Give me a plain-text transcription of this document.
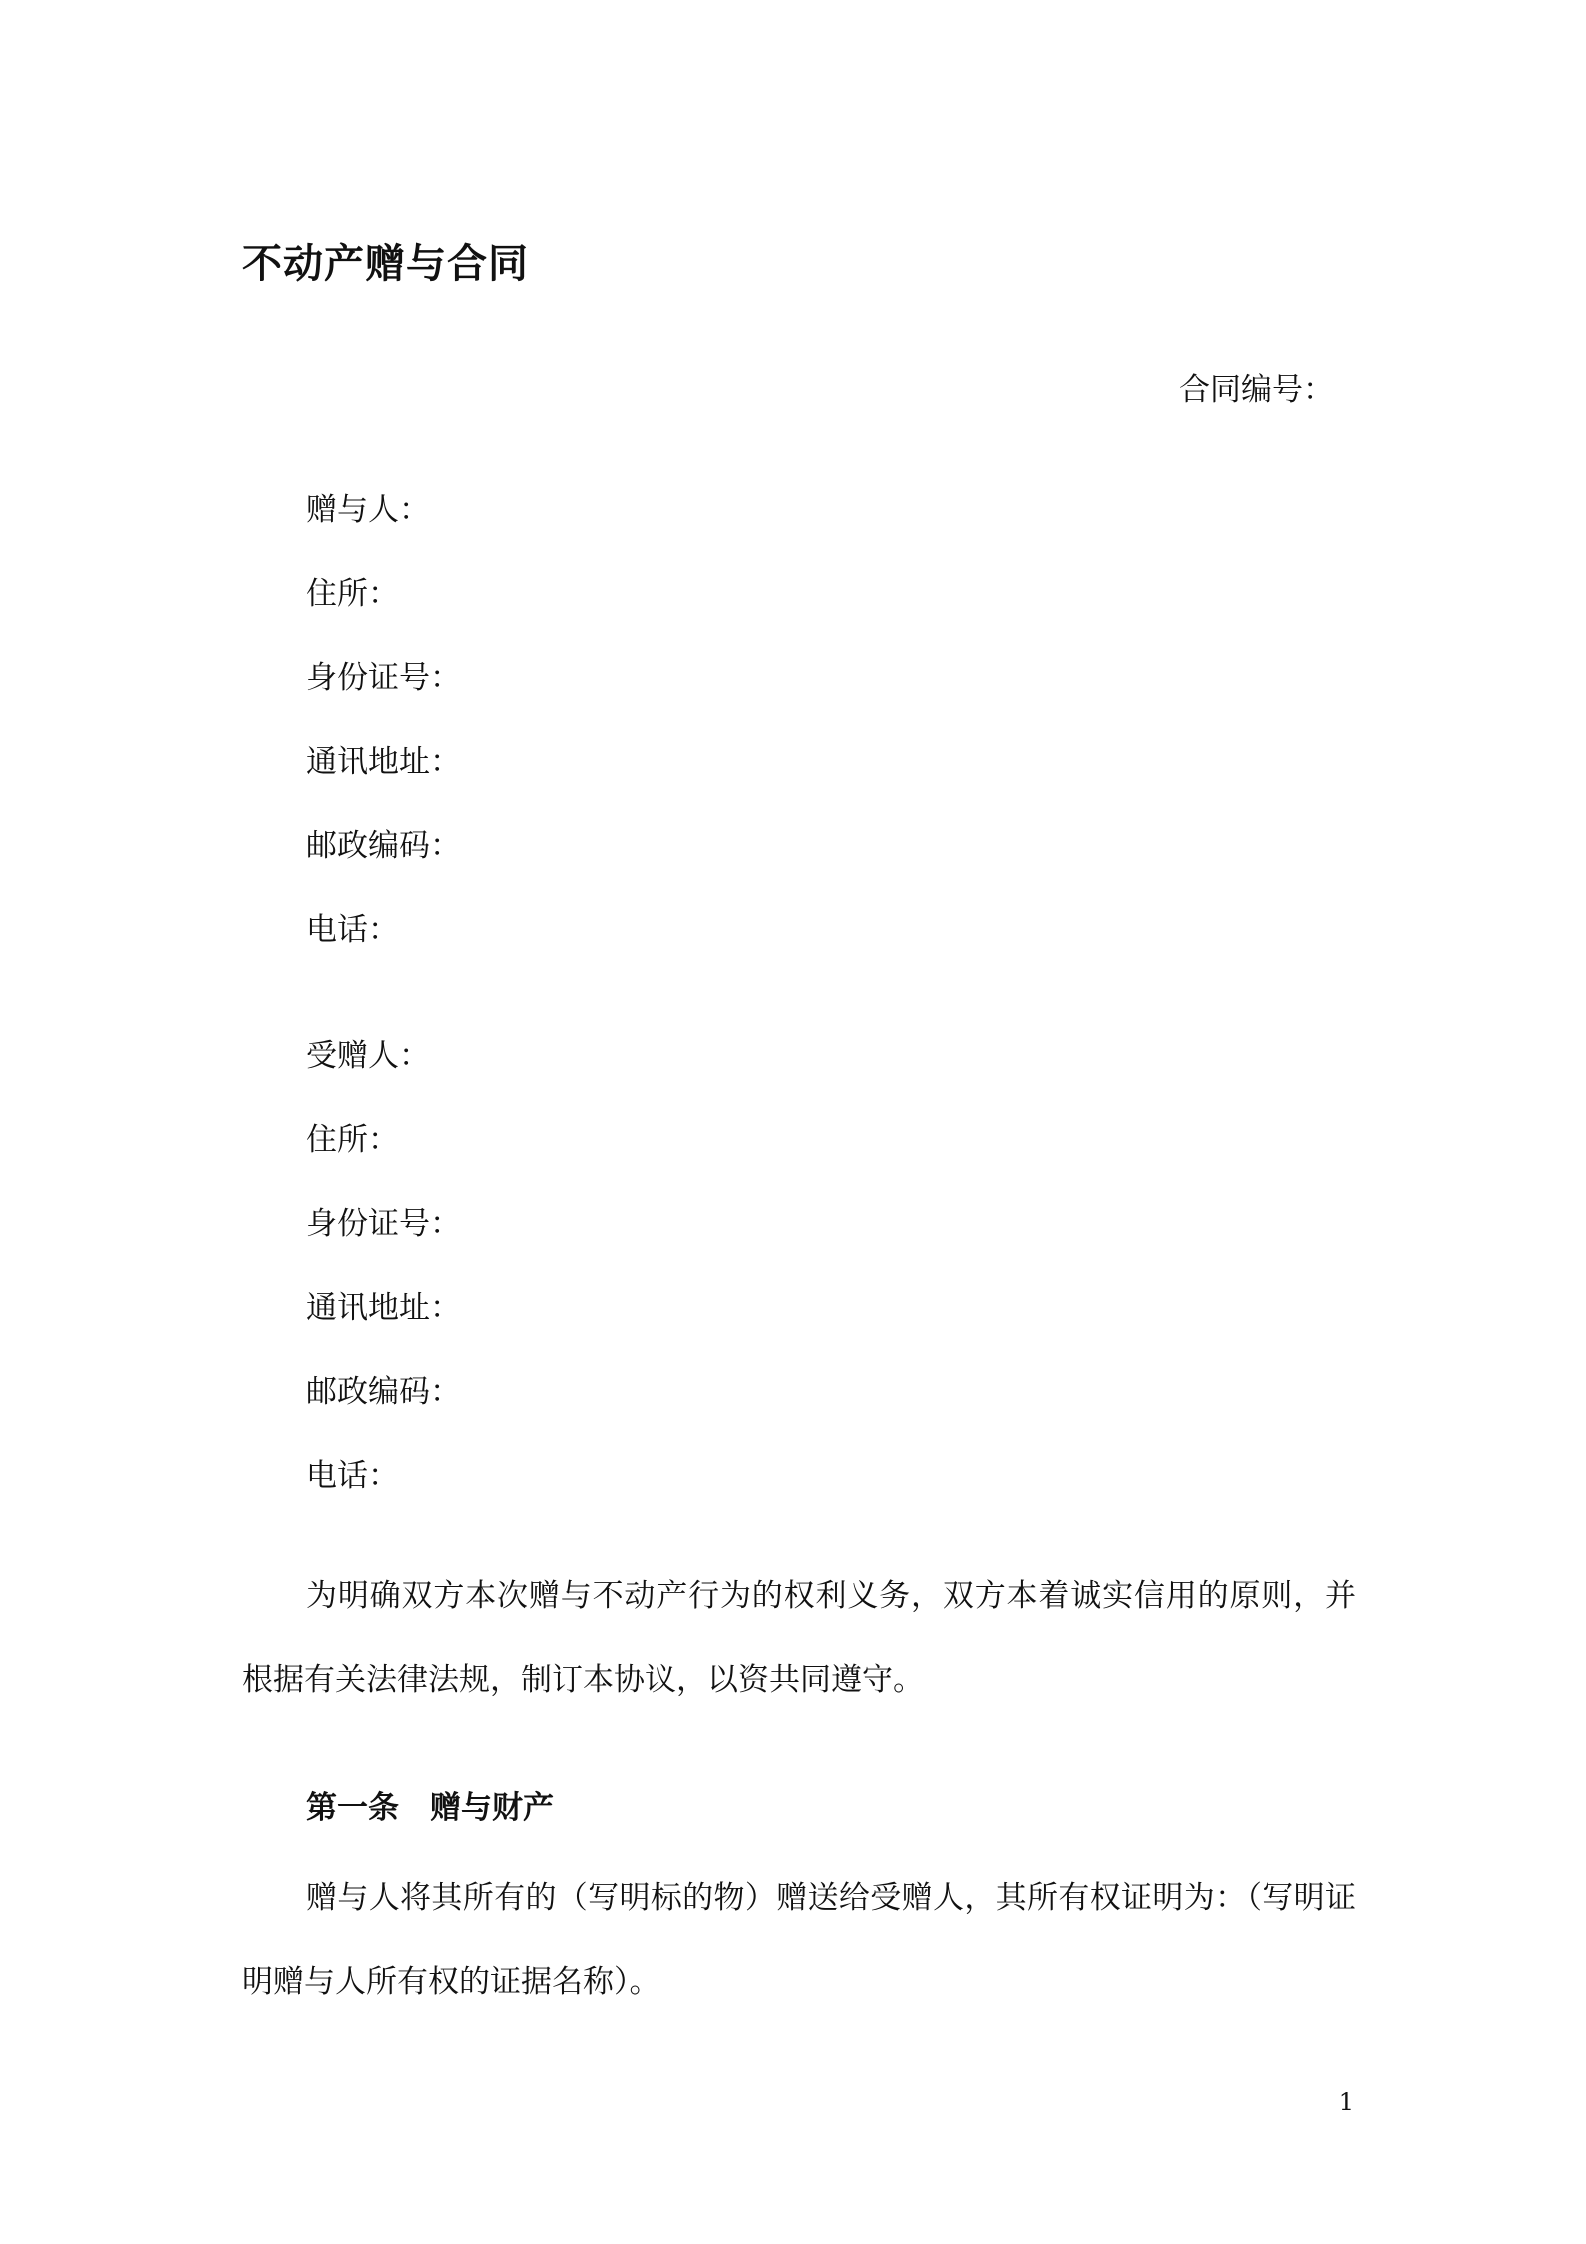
不动产赠与合同
合同编号：
赠与人：
住所：
身份证号：
通讯地址：
邮政编码：
电话：
受赠人：
住所：
身份证号：
通讯地址：
邮政编码：
电话：
为明确双方本次赠与不动产行为的权利义务，双方本着诚实信用的原则，并根据有关法律法规，制订本协议，以资共同遵守。
第一条　赠与财产
赠与人将其所有的（写明标的物）赠送给受赠人，其所有权证明为：（写明证明赠与人所有权的证据名称）。
1
